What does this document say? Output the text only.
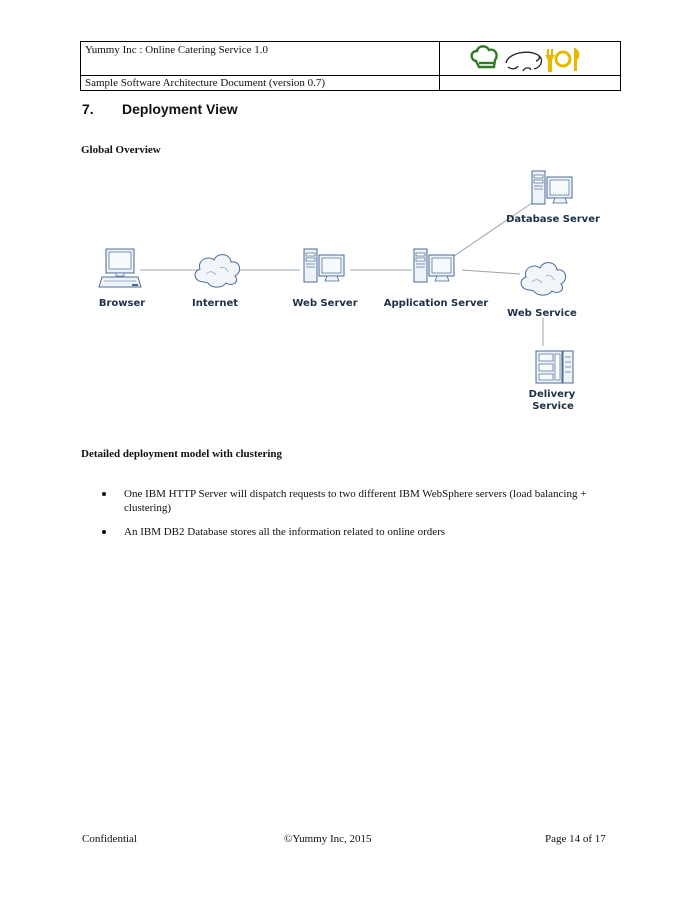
Yummy Inc : Online Catering Service 1.0	

Sample Software Architecture Document (version 0.7)	
7. Deployment View
Global Overview
Browser	Internet	Web Server	Application Server
Database Server
Web Service
Delivery
Service
Detailed deployment model with clustering
One IBM HTTP Server will dispatch requests to two different IBM WebSphere servers (load balancing + clustering)
An IBM DB2 Database stores all the information related to online orders
Confidential	©Yummy Inc, 2015	Page 14 of 17
